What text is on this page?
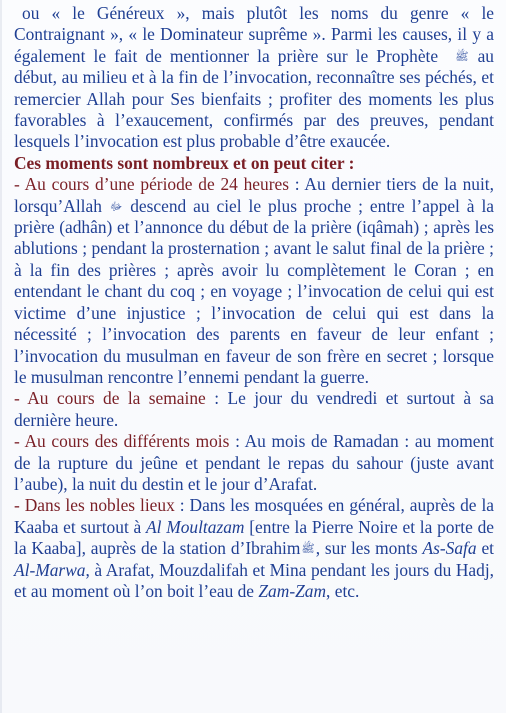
ou « le Généreux », mais plutôt les noms du genre « le Contraignant », « le Dominateur suprême ». Parmi les causes, il y a également le fait de mentionner la prière sur le Prophète ﷺ au début, au milieu et à la fin de l’invocation, reconnaître ses péchés, et remercier Allah pour Ses bienfaits ; profiter des moments les plus favorables à l’exaucement, confirmés par des preuves, pendant lesquels l’invocation est plus probable d’être exaucée.

Ces moments sont nombreux et on peut citer :

- Au cours d’une période de 24 heures : Au dernier tiers de la nuit, lorsqu’Allah ﷻ descend au ciel le plus proche ; entre l’appel à la prière (adhân) et l’annonce du début de la prière (iqâmah) ; après les ablutions ; pendant la prosternation ; avant le salut final de la prière ; à la fin des prières ; après avoir lu complètement le Coran ; en entendant le chant du coq ; en voyage ; l’invocation de celui qui est victime d’une injustice ; l’invocation de celui qui est dans la nécessité ; l’invocation des parents en faveur de leur enfant ; l’invocation du musulman en faveur de son frère en secret ; lorsque le musulman rencontre l’ennemi pendant la guerre.

- Au cours de la semaine : Le jour du vendredi et surtout à sa dernière heure.

- Au cours des différents mois : Au mois de Ramadan : au moment de la rupture du jeûne et pendant le repas du sahour (juste avant l’aube), la nuit du destin et le jour d’Arafat.

- Dans les nobles lieux : Dans les mosquées en général, auprès de la Kaaba et surtout à Al Moultazam [entre la Pierre Noire et la porte de la Kaaba], auprès de la station d’Ibrahimﷺ, sur les monts As-Safa et Al-Marwa, à Arafat, Mouzdalifah et Mina pendant les jours du Hadj, et au moment où l’on boit l’eau de Zam-Zam, etc.
